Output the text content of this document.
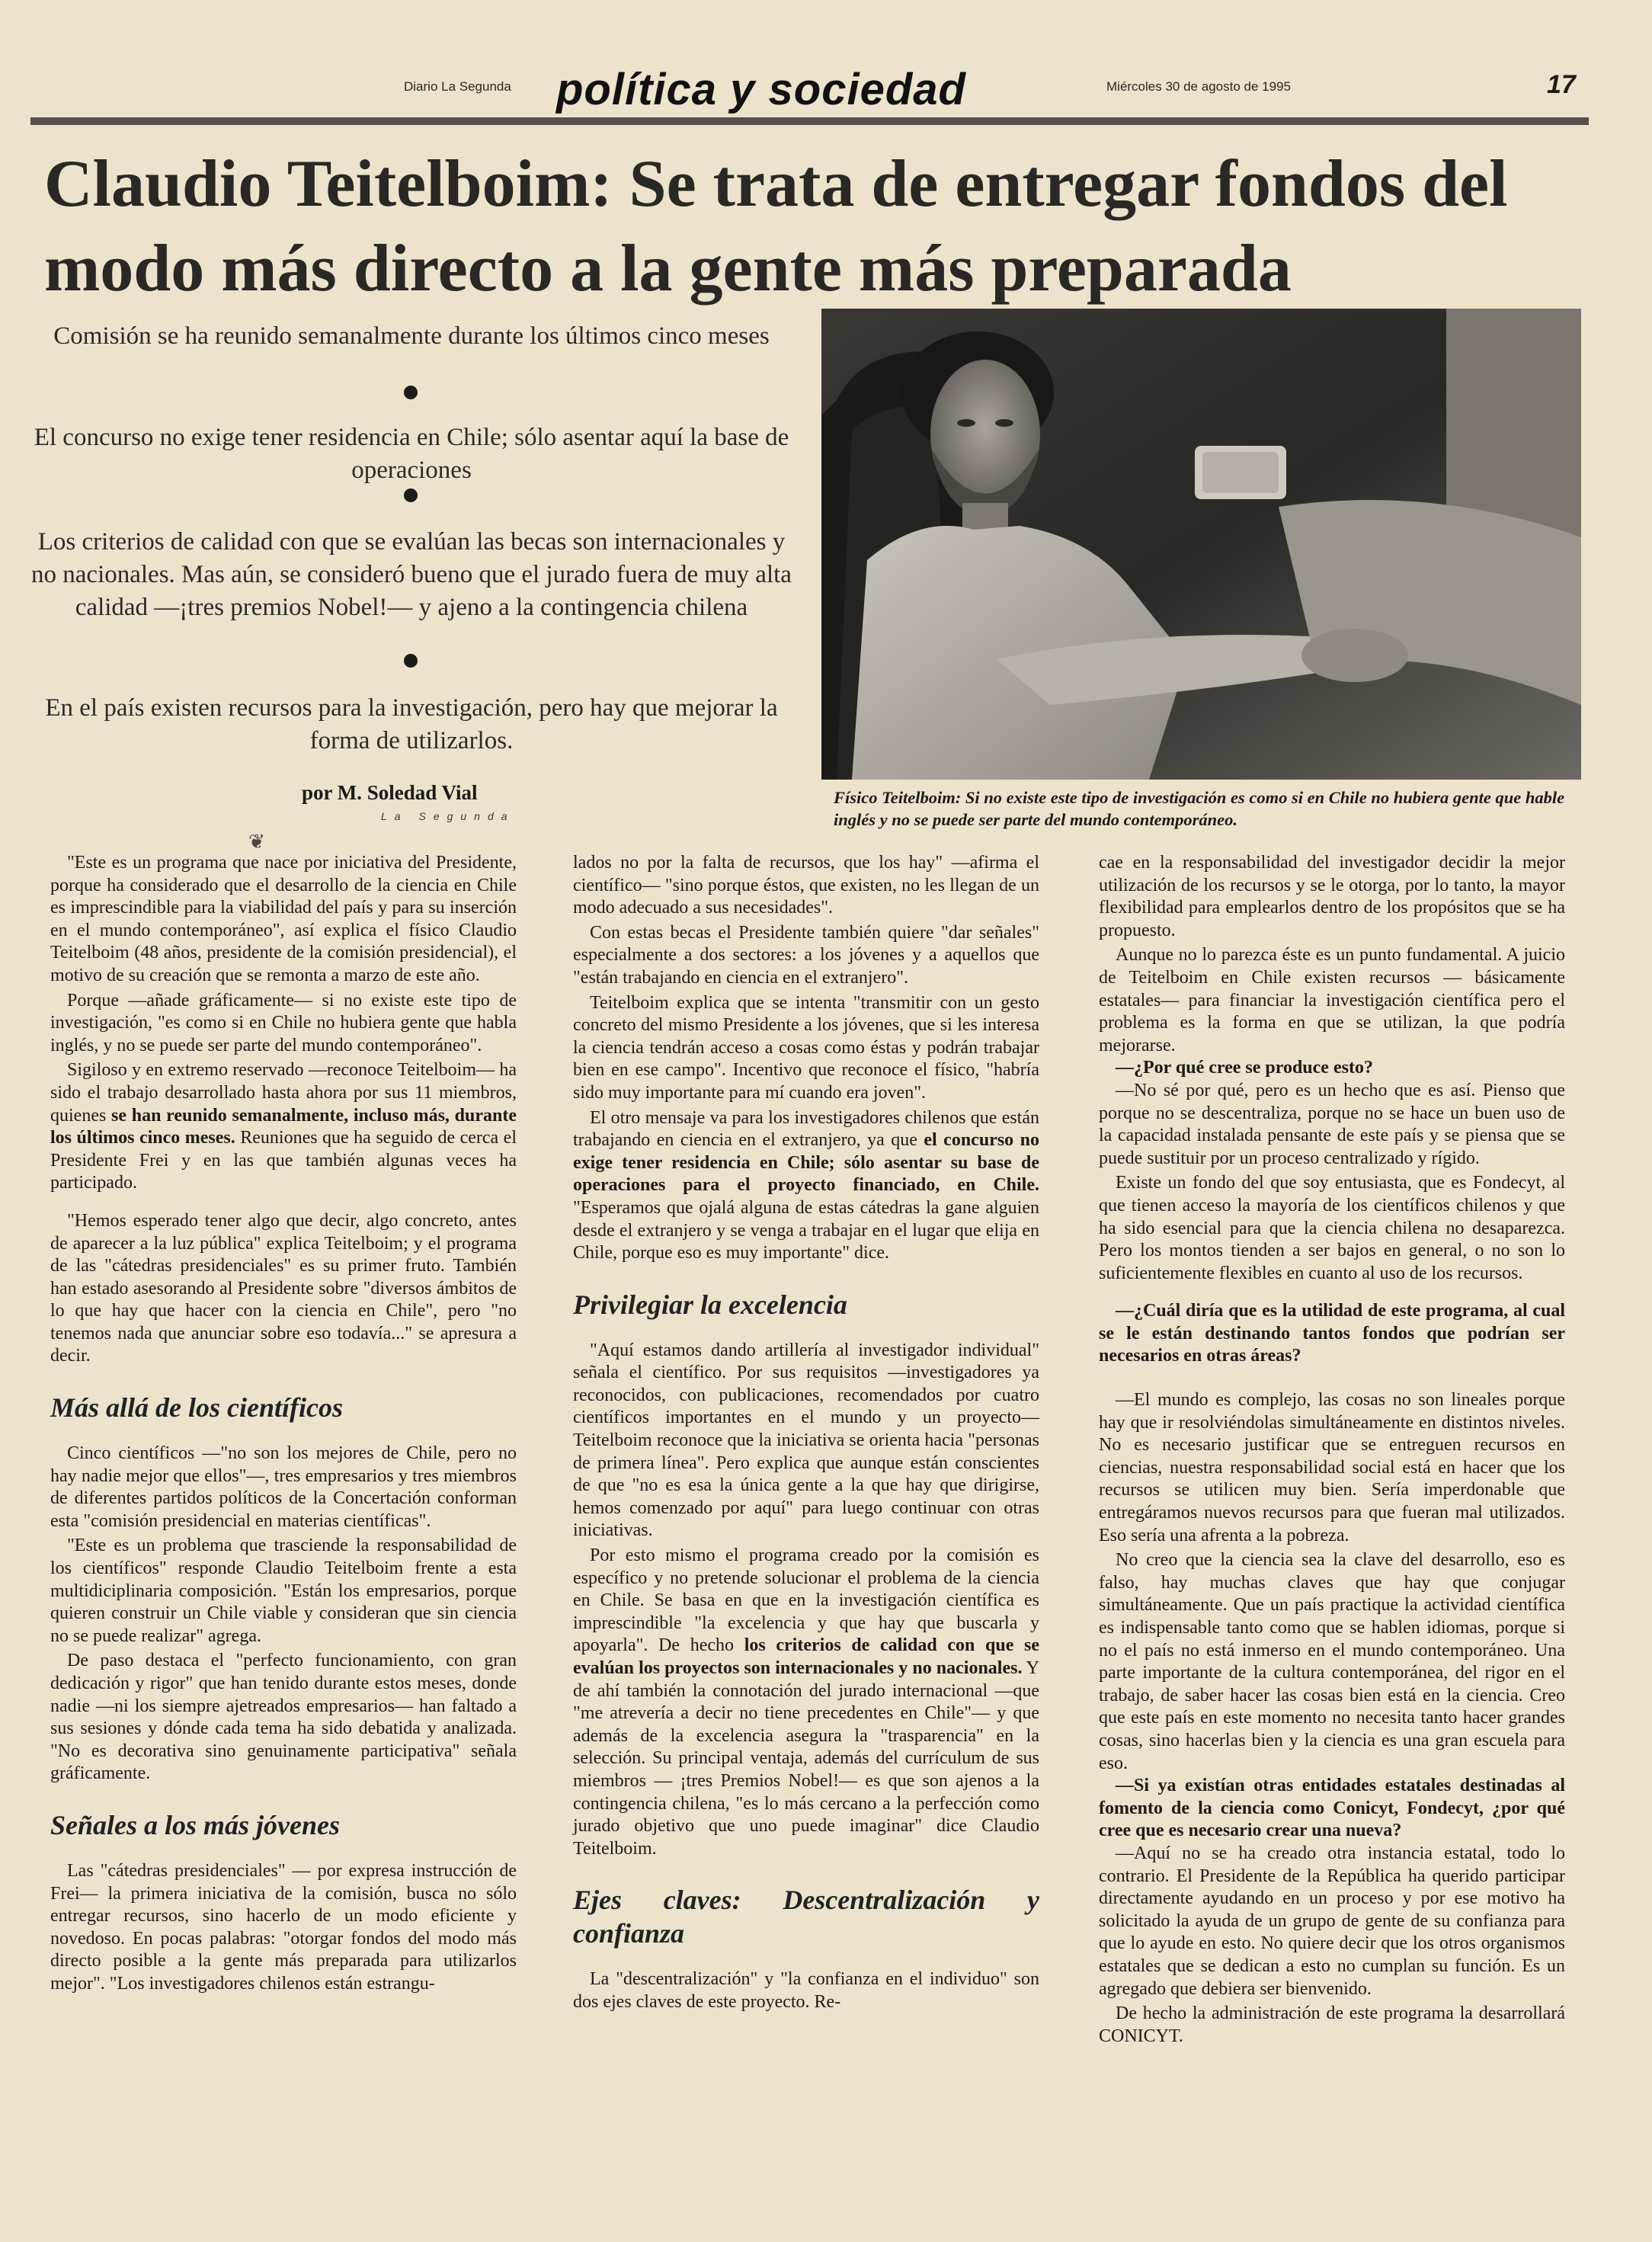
Diario La Segunda política y sociedad	Miércoles 30 de agosto de 1995	17
Claudio Teitelboim: Se trata de entregar fondos del modo más directo a la gente más preparada
Comisión se ha reunido semanalmente durante los últimos cinco meses
El concurso no exige tener residencia en Chile; sólo asentar aquí la base de operaciones
Los criterios de calidad con que se evalúan las becas son internacionales y no nacionales. Mas aún, se consideró bueno que el jurado fuera de muy alta calidad —¡tres premios Nobel!— y ajeno a la contingencia chilena
En el país existen recursos para la investigación, pero hay que mejorar la forma de utilizarlos.
por M. Soledad Vial
La Segunda
❦
Físico Teitelboim: Si no existe este tipo de investigación es como si en Chile no hubiera gente que hable inglés y no se puede ser parte del mundo contemporáneo.

"Este es un programa que nace por iniciativa del Presidente, porque ha considerado que el desarrollo de la ciencia en Chile es imprescindible para la viabilidad del país y para su inserción en el mundo contemporáneo", así explica el físico Claudio Teitelboim (48 años, presidente de la comisión presidencial), el motivo de su creación que se remonta a marzo de este año.

Porque —añade gráficamente— si no existe este tipo de investigación, "es como si en Chile no hubiera gente que habla inglés, y no se puede ser parte del mundo contemporáneo".

Sigiloso y en extremo reservado —reconoce Teitelboim— ha sido el trabajo desarrollado hasta ahora por sus 11 miembros, quienes se han reunido semanalmente, incluso más, durante los últimos cinco meses. Reuniones que ha seguido de cerca el Presidente Frei y en las que también algunas veces ha participado.

"Hemos esperado tener algo que decir, algo concreto, antes de aparecer a la luz pública" explica Teitelboim; y el programa de las "cátedras presidenciales" es su primer fruto. También han estado asesorando al Presidente sobre "diversos ámbitos de lo que hay que hacer con la ciencia en Chile", pero "no tenemos nada que anunciar sobre eso todavía..." se apresura a decir.

Más allá de los científicos

Cinco científicos —"no son los mejores de Chile, pero no hay nadie mejor que ellos"—, tres empresarios y tres miembros de diferentes partidos políticos de la Concertación conforman esta "comisión presidencial en materias científicas".

"Este es un problema que trasciende la responsabilidad de los científicos" responde Claudio Teitelboim frente a esta multidiciplinaria composición. "Están los empresarios, porque quieren construir un Chile viable y consideran que sin ciencia no se puede realizar" agrega.

De paso destaca el "perfecto funcionamiento, con gran dedicación y rigor" que han tenido durante estos meses, donde nadie —ni los siempre ajetreados empresarios— han faltado a sus sesiones y dónde cada tema ha sido debatida y analizada. "No es decorativa sino genuinamente participativa" señala gráficamente.

Señales a los más jóvenes

Las "cátedras presidenciales" — por expresa instrucción de Frei— la primera iniciativa de la comisión, busca no sólo entregar recursos, sino hacerlo de un modo eficiente y novedoso. En pocas palabras: "otorgar fondos del modo más directo posible a la gente más preparada para utilizarlos mejor". "Los investigadores chilenos están estrangu-

lados no por la falta de recursos, que los hay" —afirma el científico— "sino porque éstos, que existen, no les llegan de un modo adecuado a sus necesidades".

Con estas becas el Presidente también quiere "dar señales" especialmente a dos sectores: a los jóvenes y a aquellos que "están trabajando en ciencia en el extranjero".

Teitelboim explica que se intenta "transmitir con un gesto concreto del mismo Presidente a los jóvenes, que si les interesa la ciencia tendrán acceso a cosas como éstas y podrán trabajar bien en ese campo". Incentivo que reconoce el físico, "habría sido muy importante para mí cuando era joven".

El otro mensaje va para los investigadores chilenos que están trabajando en ciencia en el extranjero, ya que el concurso no exige tener residencia en Chile; sólo asentar su base de operaciones para el proyecto financiado, en Chile. "Esperamos que ojalá alguna de estas cátedras la gane alguien desde el extranjero y se venga a trabajar en el lugar que elija en Chile, porque eso es muy importante" dice.

Privilegiar la excelencia

"Aquí estamos dando artillería al investigador individual" señala el científico. Por sus requisitos —investigadores ya reconocidos, con publicaciones, recomendados por cuatro científicos importantes en el mundo y un proyecto— Teitelboim reconoce que la iniciativa se orienta hacia "personas de primera línea". Pero explica que aunque están conscientes de que "no es esa la única gente a la que hay que dirigirse, hemos comenzado por aquí" para luego continuar con otras iniciativas.

Por esto mismo el programa creado por la comisión es específico y no pretende solucionar el problema de la ciencia en Chile. Se basa en que en la investigación científica es imprescindible "la excelencia y que hay que buscarla y apoyarla". De hecho los criterios de calidad con que se evalúan los proyectos son internacionales y no nacionales. Y de ahí también la connotación del jurado internacional —que "me atrevería a decir no tiene precedentes en Chile"— y que además de la excelencia asegura la "trasparencia" en la selección. Su principal ventaja, además del currículum de sus miembros — ¡tres Premios Nobel!— es que son ajenos a la contingencia chilena, "es lo más cercano a la perfección como jurado objetivo que uno puede imaginar" dice Claudio Teitelboim.

Ejes claves: Descentralización y confianza

La "descentralización" y "la confianza en el individuo" son dos ejes claves de este proyecto. Re-

cae en la responsabilidad del investigador decidir la mejor utilización de los recursos y se le otorga, por lo tanto, la mayor flexibilidad para emplearlos dentro de los propósitos que se ha propuesto.

Aunque no lo parezca éste es un punto fundamental. A juicio de Teitelboim en Chile existen recursos — básicamente estatales— para financiar la investigación científica pero el problema es la forma en que se utilizan, la que podría mejorarse.

—¿Por qué cree se produce esto?

—No sé por qué, pero es un hecho que es así. Pienso que porque no se descentraliza, porque no se hace un buen uso de la capacidad instalada pensante de este país y se piensa que se puede sustituir por un proceso centralizado y rígido.

Existe un fondo del que soy entusiasta, que es Fondecyt, al que tienen acceso la mayoría de los científicos chilenos y que ha sido esencial para que la ciencia chilena no desaparezca. Pero los montos tienden a ser bajos en general, o no son lo suficientemente flexibles en cuanto al uso de los recursos.

—¿Cuál diría que es la utilidad de este programa, al cual se le están destinando tantos fondos que podrían ser necesarios en otras áreas?

—El mundo es complejo, las cosas no son lineales porque hay que ir resolviéndolas simultáneamente en distintos niveles. No es necesario justificar que se entreguen recursos en ciencias, nuestra responsabilidad social está en hacer que los recursos se utilicen muy bien. Sería imperdonable que entregáramos nuevos recursos para que fueran mal utilizados. Eso sería una afrenta a la pobreza.

No creo que la ciencia sea la clave del desarrollo, eso es falso, hay muchas claves que hay que conjugar simultáneamente. Que un país practique la actividad científica es indispensable tanto como que se hablen idiomas, porque si no el país no está inmerso en el mundo contemporáneo. Una parte importante de la cultura contemporánea, del rigor en el trabajo, de saber hacer las cosas bien está en la ciencia. Creo que este país en este momento no necesita tanto hacer grandes cosas, sino hacerlas bien y la ciencia es una gran escuela para eso.

—Si ya existían otras entidades estatales destinadas al fomento de la ciencia como Conicyt, Fondecyt, ¿por qué cree que es necesario crear una nueva?

—Aquí no se ha creado otra instancia estatal, todo lo contrario. El Presidente de la República ha querido participar directamente ayudando en un proceso y por ese motivo ha solicitado la ayuda de un grupo de gente de su confianza para que lo ayude en esto. No quiere decir que los otros organismos estatales que se dedican a esto no cumplan su función. Es un agregado que debiera ser bienvenido.

De hecho la administración de este programa la desarrollará CONICYT.
